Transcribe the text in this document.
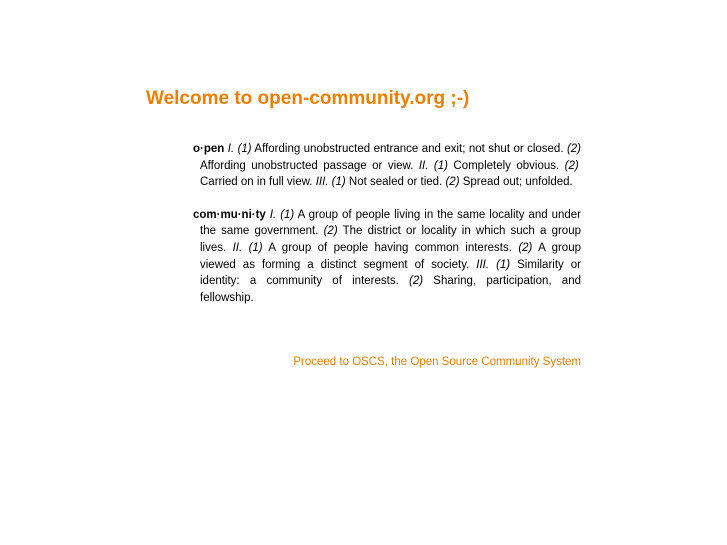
Welcome to open-community.org ;-)

o·pen I. (1) Affording unobstructed entrance and exit; not shut or closed. (2) Affording unobstructed passage or view. II. (1) Completely obvious. (2) Carried on in full view. III. (1) Not sealed or tied. (2) Spread out; unfolded.

com·mu·ni·ty I. (1) A group of people living in the same locality and under the same government. (2) The district or locality in which such a group lives. II. (1) A group of people having common interests. (2) A group viewed as forming a distinct segment of society. III. (1) Similarity or identity: a community of interests. (2) Sharing, participation, and fellowship.

Proceed to OSCS, the Open Source Community System
